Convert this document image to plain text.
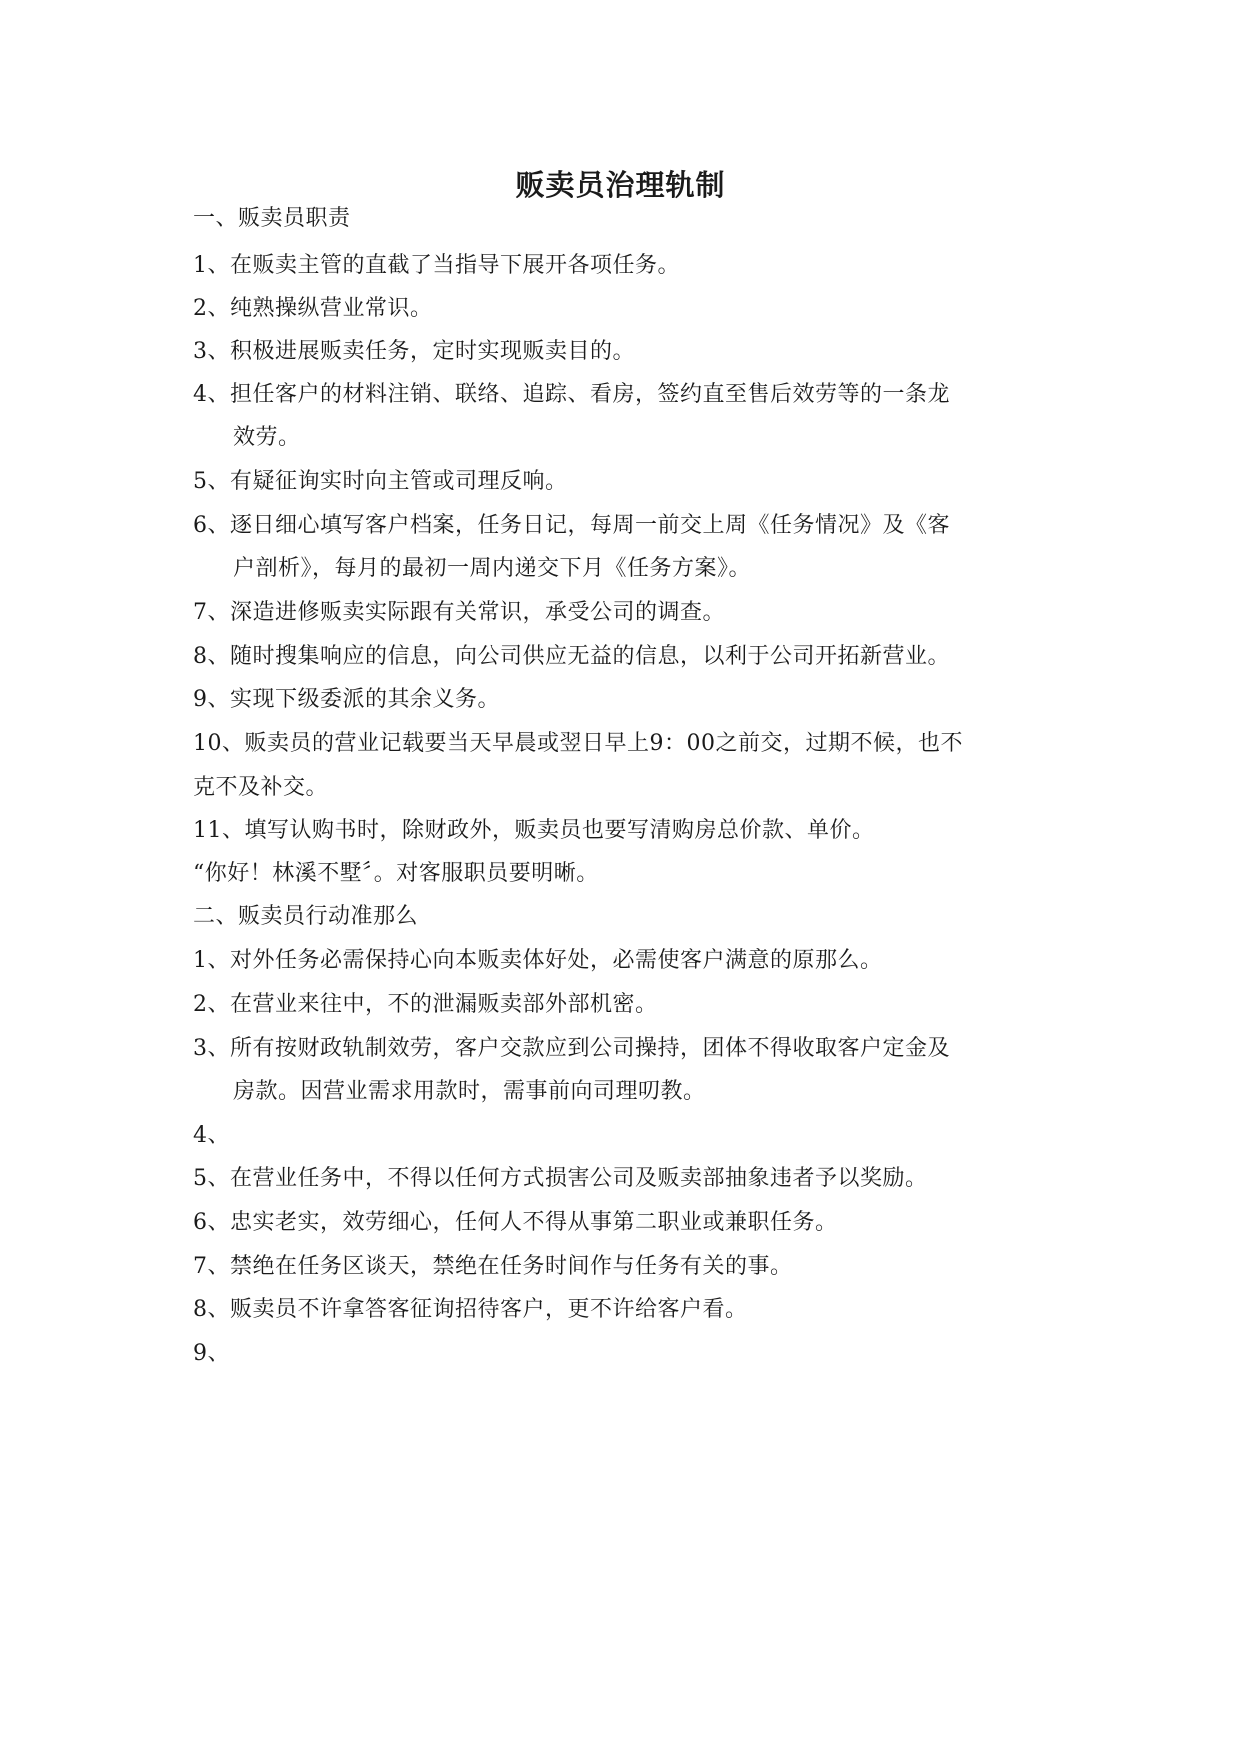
贩卖员治理轨制
一、贩卖员职责
1、在贩卖主管的直截了当指导下展开各项任务。
2、纯熟操纵营业常识。
3、积极进展贩卖任务，定时实现贩卖目的。
4、担任客户的材料注销、联络、追踪、看房，签约直至售后效劳等的一条龙
效劳。
5、有疑征询实时向主管或司理反响。
6、逐日细心填写客户档案，任务日记，每周一前交上周《任务情况》及《客
户剖析》，每月的最初一周内递交下月《任务方案》。
7、深造进修贩卖实际跟有关常识，承受公司的调查。
8、随时搜集响应的信息，向公司供应无益的信息，以利于公司开拓新营业。
9、实现下级委派的其余义务。
10、贩卖员的营业记载要当天早晨或翌日早上9：00之前交，过期不候，也不
克不及补交。
11、填写认购书时，除财政外，贩卖员也要写清购房总价款、单价。
“你好！林溪不墅〞。对客服职员要明晰。
二、贩卖员行动准那么
1、对外任务必需保持心向本贩卖体好处，必需使客户满意的原那么。
2、在营业来往中，不的泄漏贩卖部外部机密。
3、所有按财政轨制效劳，客户交款应到公司操持，团体不得收取客户定金及
房款。因营业需求用款时，需事前向司理叨教。
4、
5、在营业任务中，不得以任何方式损害公司及贩卖部抽象违者予以奖励。
6、忠实老实，效劳细心，任何人不得从事第二职业或兼职任务。
7、禁绝在任务区谈天，禁绝在任务时间作与任务有关的事。
8、贩卖员不许拿答客征询招待客户，更不许给客户看。
9、
